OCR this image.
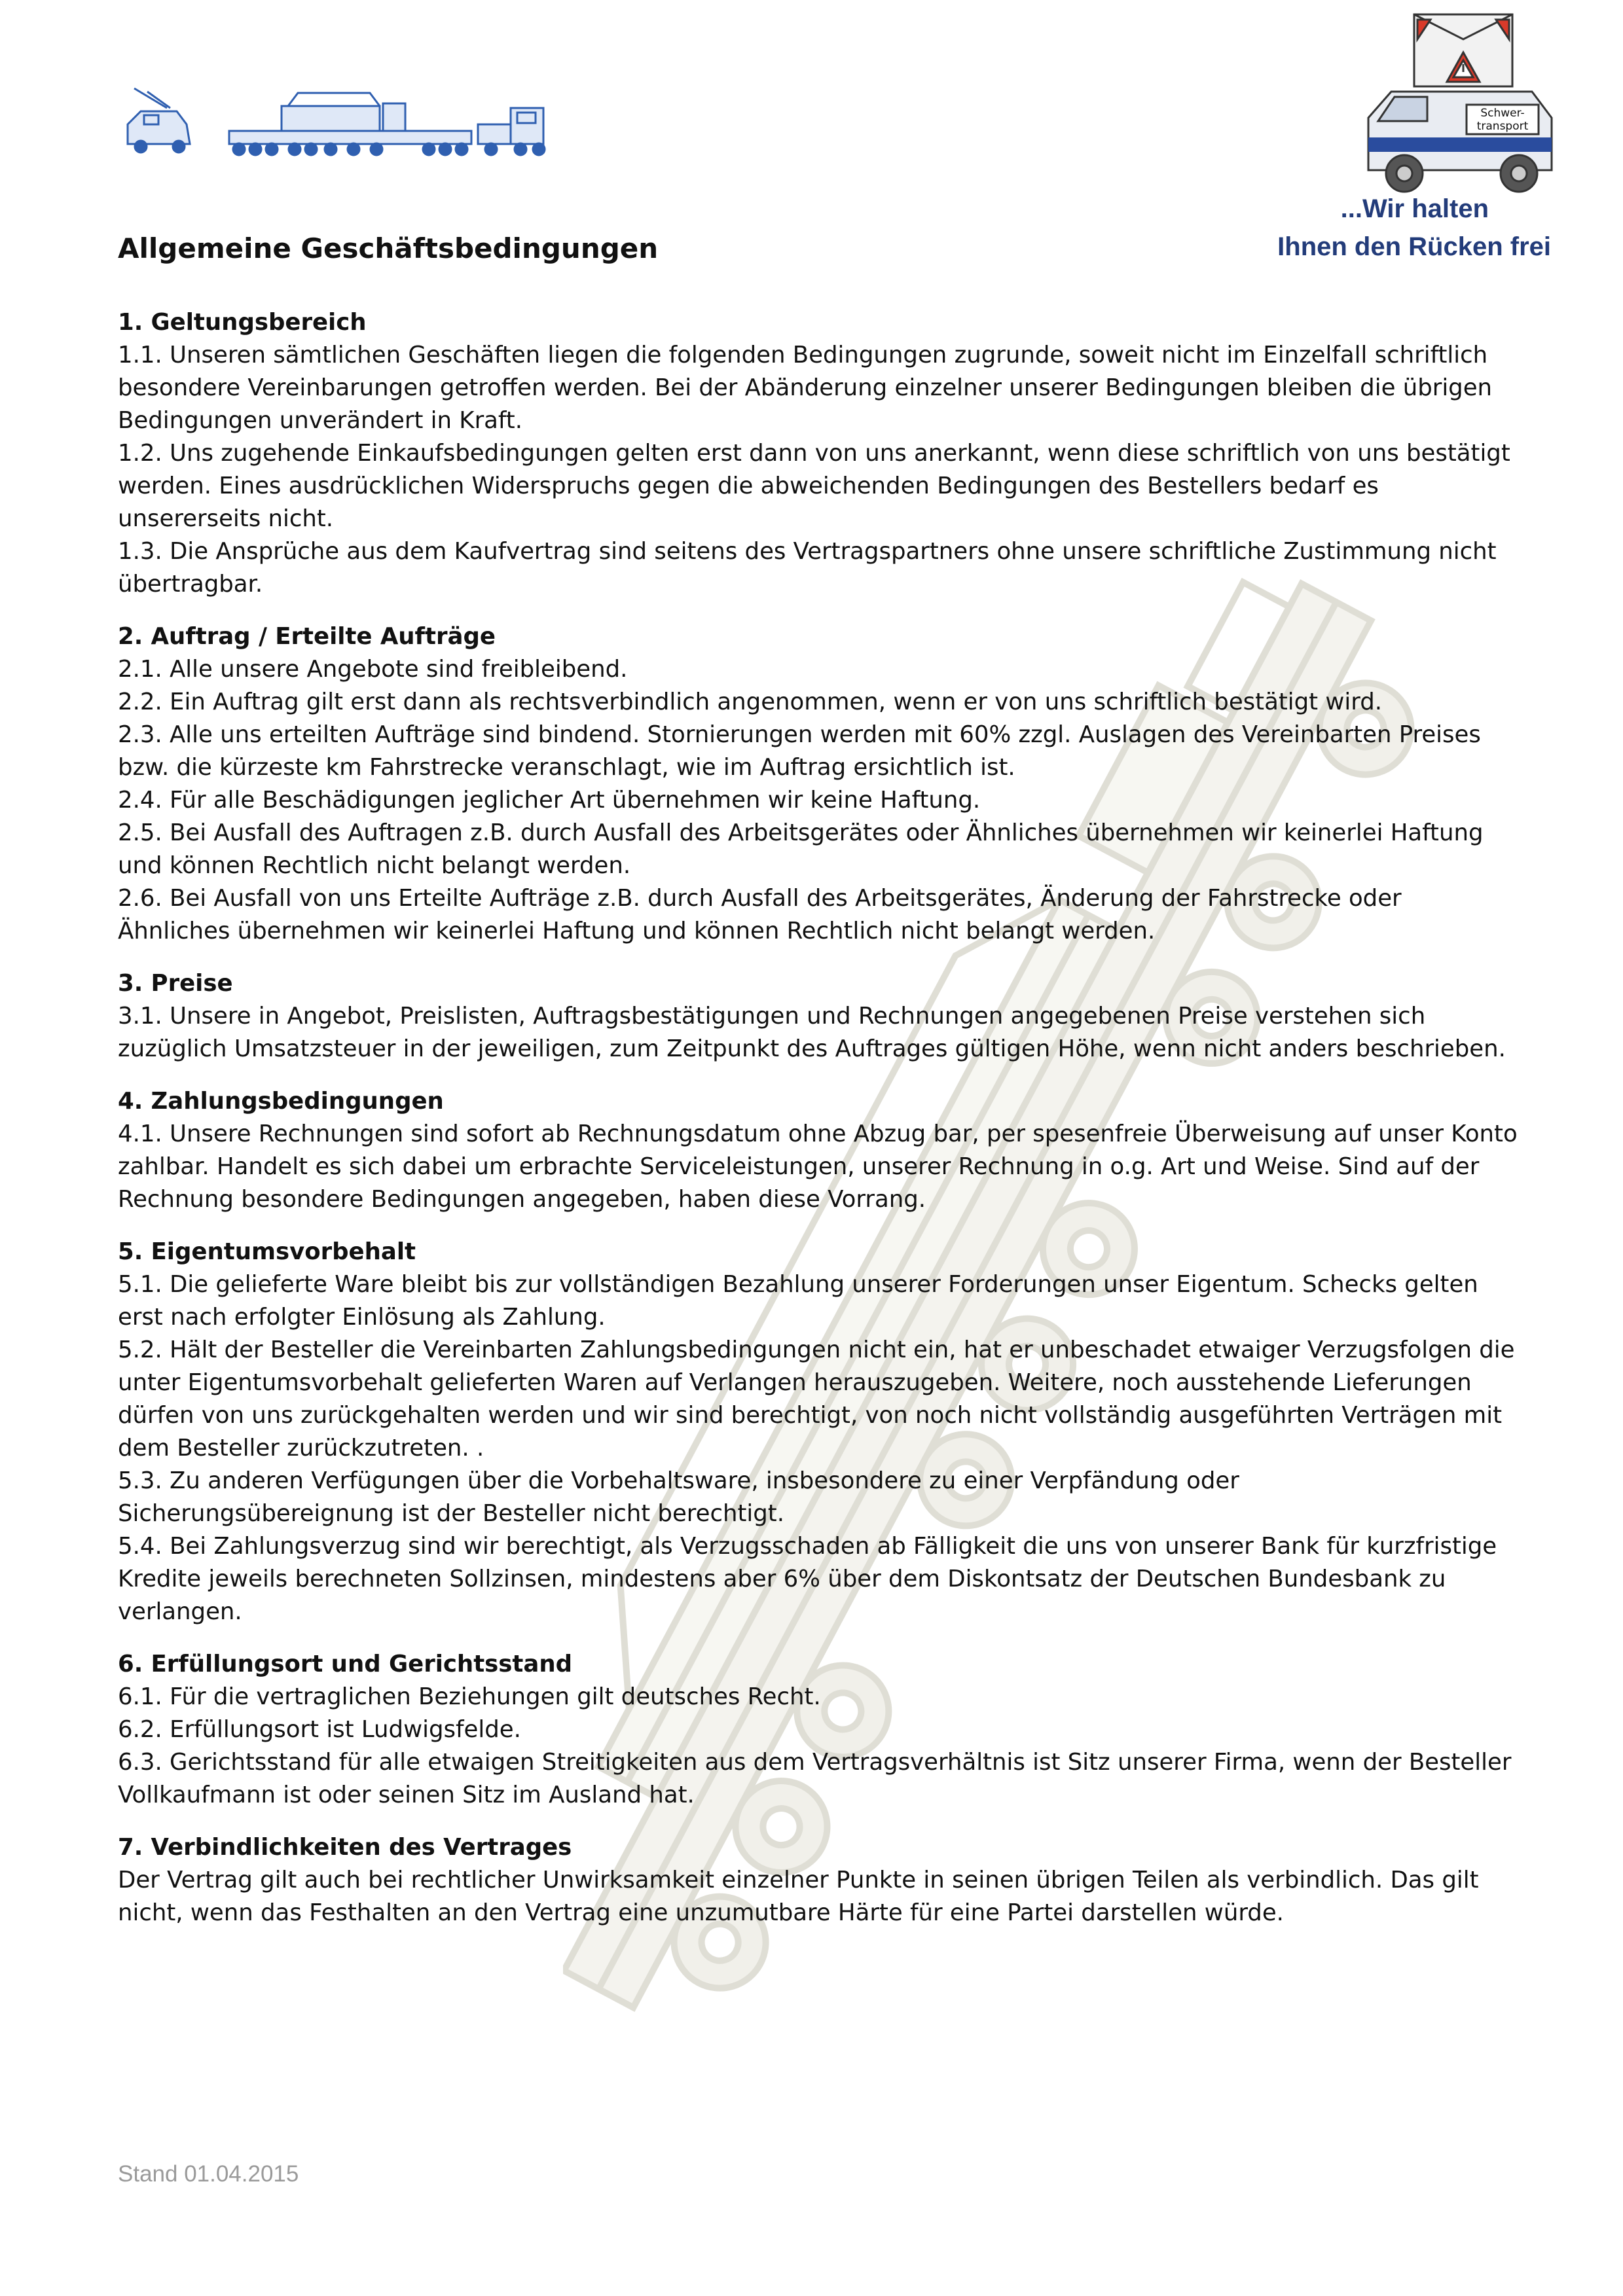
Schwer-
transport
...Wir halten
Ihnen den Rücken frei
Allgemeine Geschäftsbedingungen
1. Geltungsbereich

1.1. Unseren sämtlichen Geschäften liegen die folgenden Bedingungen zugrunde, soweit nicht im Einzelfall schriftlich besondere Vereinbarungen getroffen werden. Bei der Abänderung einzelner unserer Bedingungen bleiben die übrigen Bedingungen unverändert in Kraft.

1.2. Uns zugehende Einkaufsbedingungen gelten erst dann von uns anerkannt, wenn diese schriftlich von uns bestätigt werden. Eines ausdrücklichen Widerspruchs gegen die abweichenden Bedingungen des Bestellers bedarf es unsererseits nicht.

1.3. Die Ansprüche aus dem Kaufvertrag sind seitens des Vertragspartners ohne unsere schriftliche Zustimmung nicht übertragbar.

2. Auftrag / Erteilte Aufträge

2.1. Alle unsere Angebote sind freibleibend.

2.2. Ein Auftrag gilt erst dann als rechtsverbindlich angenommen, wenn er von uns schriftlich bestätigt wird.

2.3. Alle uns erteilten Aufträge sind bindend. Stornierungen werden mit 60% zzgl. Auslagen des Vereinbarten Preises bzw. die kürzeste km Fahrstrecke veranschlagt, wie im Auftrag ersichtlich ist.

2.4. Für alle Beschädigungen jeglicher Art übernehmen wir keine Haftung.

2.5. Bei Ausfall des Auftragen z.B. durch Ausfall des Arbeitsgerätes oder Ähnliches übernehmen wir keinerlei Haftung und können Rechtlich nicht belangt werden.

2.6. Bei Ausfall von uns Erteilte Aufträge z.B. durch Ausfall des Arbeitsgerätes, Änderung der Fahrstrecke oder Ähnliches übernehmen wir keinerlei Haftung und können Rechtlich nicht belangt werden.

3. Preise

3.1. Unsere in Angebot, Preislisten, Auftragsbestätigungen und Rechnungen angegebenen Preise verstehen sich zuzüglich Umsatzsteuer in der jeweiligen, zum Zeitpunkt des Auftrages gültigen Höhe, wenn nicht anders beschrieben.

4. Zahlungsbedingungen

4.1. Unsere Rechnungen sind sofort ab Rechnungsdatum ohne Abzug bar, per spesenfreie Überweisung auf unser Konto zahlbar. Handelt es sich dabei um erbrachte Serviceleistungen, unserer Rechnung in o.g. Art und Weise. Sind auf der Rechnung besondere Bedingungen angegeben, haben diese Vorrang.

5. Eigentumsvorbehalt

5.1. Die gelieferte Ware bleibt bis zur vollständigen Bezahlung unserer Forderungen unser Eigentum. Schecks gelten erst nach erfolgter Einlösung als Zahlung.

5.2. Hält der Besteller die Vereinbarten Zahlungsbedingungen nicht ein, hat er unbeschadet etwaiger Verzugsfolgen die unter Eigentumsvorbehalt gelieferten Waren auf Verlangen herauszugeben. Weitere, noch ausstehende Lieferungen dürfen von uns zurückgehalten werden und wir sind berechtigt, von noch nicht vollständig ausgeführten Verträgen mit dem Besteller zurückzutreten. .

5.3. Zu anderen Verfügungen über die Vorbehaltsware, insbesondere zu einer Verpfändung oder Sicherungsübereignung ist der Besteller nicht berechtigt.

5.4. Bei Zahlungsverzug sind wir berechtigt, als Verzugsschaden ab Fälligkeit die uns von unserer Bank für kurzfristige Kredite jeweils berechneten Sollzinsen, mindestens aber 6% über dem Diskontsatz der Deutschen Bundesbank zu verlangen.

6. Erfüllungsort und Gerichtsstand

6.1. Für die vertraglichen Beziehungen gilt deutsches Recht.

6.2. Erfüllungsort ist Ludwigsfelde.

6.3. Gerichtsstand für alle etwaigen Streitigkeiten aus dem Vertragsverhältnis ist Sitz unserer Firma, wenn der Besteller Vollkaufmann ist oder seinen Sitz im Ausland hat.

7. Verbindlichkeiten des Vertrages

Der Vertrag gilt auch bei rechtlicher Unwirksamkeit einzelner Punkte in seinen übrigen Teilen als verbindlich. Das gilt nicht, wenn das Festhalten an den Vertrag eine unzumutbare Härte für eine Partei darstellen würde.

Stand 01.04.2015
